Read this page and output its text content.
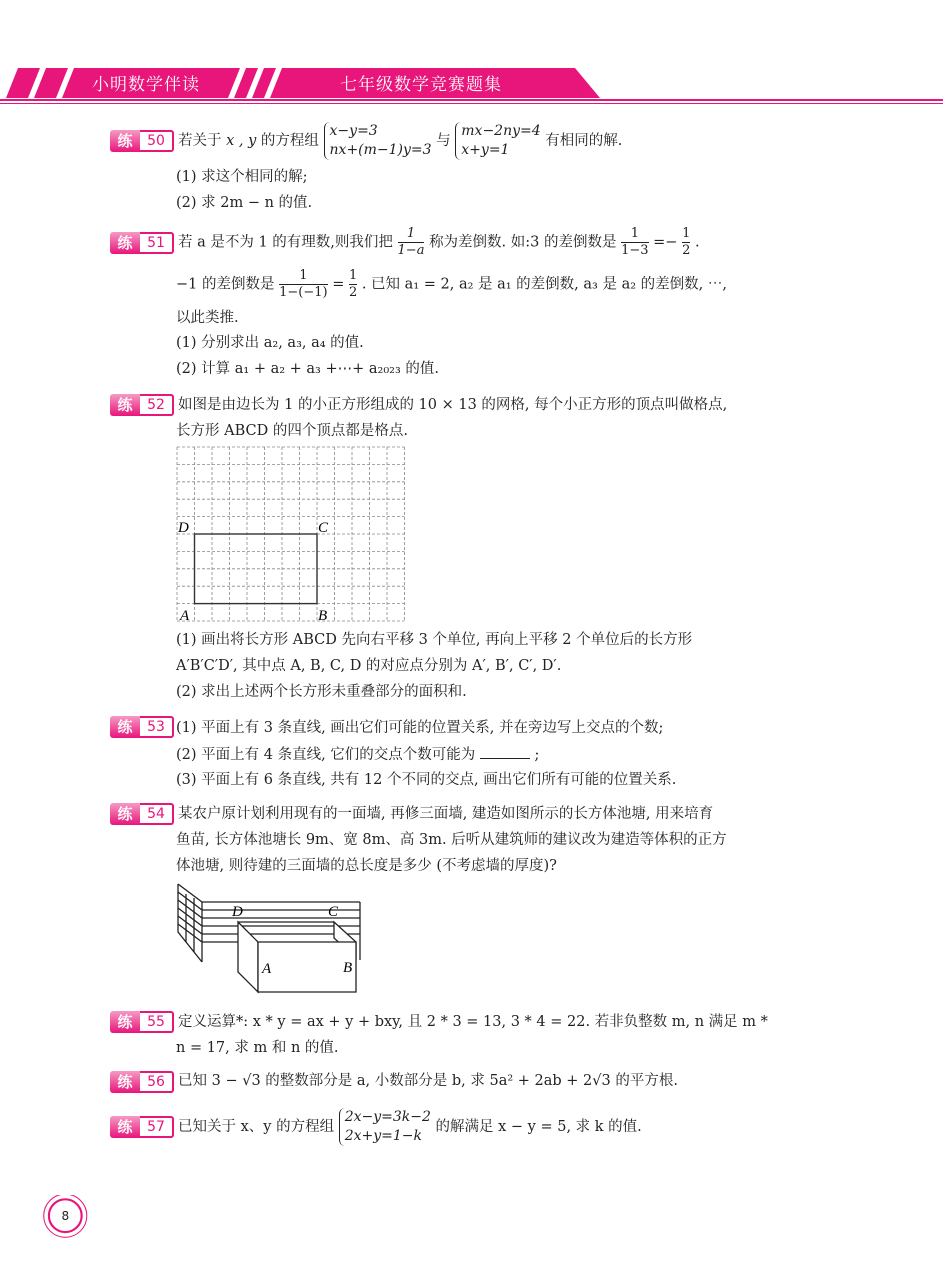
小明数学伴读	七年级数学竞赛题集
练	50 若关于 x , y 的方程组 x−y=3
nx+(m−1)y=3 与 mx−2ny=4
x+y=1 有相同的解.
(1) 求这个相同的解;
(2) 求 2m − n 的值.
练	51 若 a 是不为 1 的有理数,则我们把 $\frac{1}{1-a}$ 称为差倒数. 如:3 的差倒数是 $\frac{1}{1-3} =- \frac{1}{2}$ .
−1 的差倒数是 $\frac{1}{1-(-1)} = \frac{1}{2}$ . 已知 a₁ = 2, a₂ 是 a₁ 的差倒数, a₃ 是 a₂ 的差倒数, ⋯,
以此类推.
(1) 分别求出 a₂, a₃, a₄ 的值.
(2) 计算 a₁ + a₂ + a₃ +⋯+ a₂₀₂₃ 的值.
练	52 如图是由边长为 1 的小正方形组成的 10 × 13 的网格, 每个小正方形的顶点叫做格点,
长方形 ABCD 的四个顶点都是格点.
D	C
A	B
(1) 画出将长方形 ABCD 先向右平移 3 个单位, 再向上平移 2 个单位后的长方形
A′B′C′D′, 其中点 A, B, C, D 的对应点分别为 A′, B′, C′, D′.
(2) 求出上述两个长方形未重叠部分的面积和.
练	53 (1) 平面上有 3 条直线, 画出它们可能的位置关系, 并在旁边写上交点的个数;
(2) 平面上有 4 条直线, 它们的交点个数可能为	;
(3) 平面上有 6 条直线, 共有 12 个不同的交点, 画出它们所有可能的位置关系.
练	54 某农户原计划利用现有的一面墙, 再修三面墙, 建造如图所示的长方体池塘, 用来培育
鱼苗, 长方体池塘长 9m、宽 8m、高 3m. 后听从建筑师的建议改为建造等体积的正方
体池塘, 则待建的三面墙的总长度是多少 (不考虑墙的厚度)?
D	C
A	B
练	55 定义运算*: x * y = ax + y + bxy, 且 2 * 3 = 13, 3 * 4 = 22. 若非负整数 m, n 满足 m *
n = 17, 求 m 和 n 的值.
练	56 已知 3 − √3 的整数部分是 a, 小数部分是 b, 求 5a² + 2ab + 2√3 的平方根.
练	57 已知关于 x、y 的方程组 2x−y=3k−2
2x+y=1−k 的解满足 x − y = 5, 求 k 的值.
8
